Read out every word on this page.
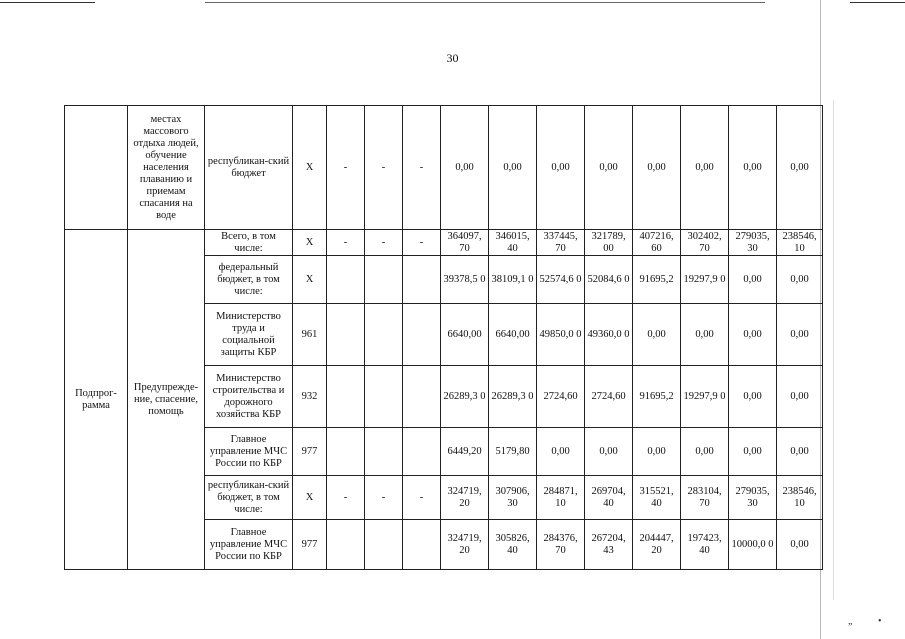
30
	местах массового отдыха людей, обучение населения плаванию и приемам спасания на воде	республикан-ский бюджет	Х	-	-	-	0,00	0,00	0,00	0,00	0,00	0,00	0,00	0,00
Подпрог-рамма	Предупрежде-ние, спасение, помощь	Всего, в том числе:	Х	-	-	-	364097, 70	346015, 40	337445, 70	321789, 00	407216, 60	302402, 70	279035, 30	238546, 10
		федеральный бюджет, в том числе:	Х				39378,5 0	38109,1 0	52574,6 0	52084,6 0	91695,2	19297,9 0	0,00	0,00
		Министерство труда и социальной защиты КБР	961				6640,00	6640,00	49850,0 0	49360,0 0	0,00	0,00	0,00	0,00
		Министерство строительства и дорожного хозяйства КБР	932				26289,3 0	26289,3 0	2724,60	2724,60	91695,2	19297,9 0	0,00	0,00
		Главное управление МЧС России по КБР	977				6449,20	5179,80	0,00	0,00	0,00	0,00	0,00	0,00
		республикан-ский бюджет, в том числе:	Х	-	-	-	324719, 20	307906, 30	284871, 10	269704, 40	315521, 40	283104, 70	279035, 30	238546, 10
		Главное управление МЧС России по КБР	977				324719, 20	305826, 40	284376, 70	267204, 43	204447, 20	197423, 40	10000,0 0	0,00
„	•
